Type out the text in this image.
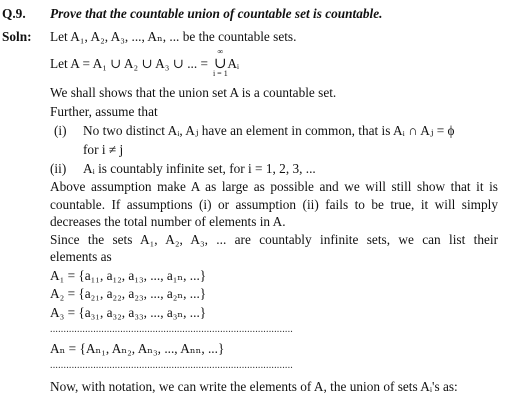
Q.9. Prove that the countable union of countable set is countable.
Soln: Let A₁, A₂, A₃, ..., Aₙ, ... be the countable sets.
Let A = A₁ ∪ A₂ ∪ A₃ ∪ ... =
∞
∪
i = 1
Aᵢ
We shall shows that the union set A is a countable set.
Further, assume that
(i) No two distinct Aᵢ, Aⱼ have an element in common, that is Aᵢ ∩ Aⱼ = ϕ
for i ≠ j
(ii) Aᵢ is countably infinite set, for i = 1, 2, 3, ...
Above assumption make A as large as possible and we will still show that it is
countable. If assumptions (i) or assumption (ii) fails to be true, it will simply
decreases the total number of elements in A.
Since the sets A₁, A₂, A₃, ... are countably infinite sets, we can list their
elements as
A₁ = {a₁₁, a₁₂, a₁₃, ..., a₁ₙ, ...}
A₂ = {a₂₁, a₂₂, a₂₃, ..., a₂ₙ, ...}
A₃ = {a₃₁, a₃₂, a₃₃, ..., a₃ₙ, ...}
..........................................................................................
Aₙ = {Aₙ₁, Aₙ₂, Aₙ₃, ..., Aₙₙ, ...}
..........................................................................................
Now, with notation, we can write the elements of A, the union of sets Aᵢ's as:
